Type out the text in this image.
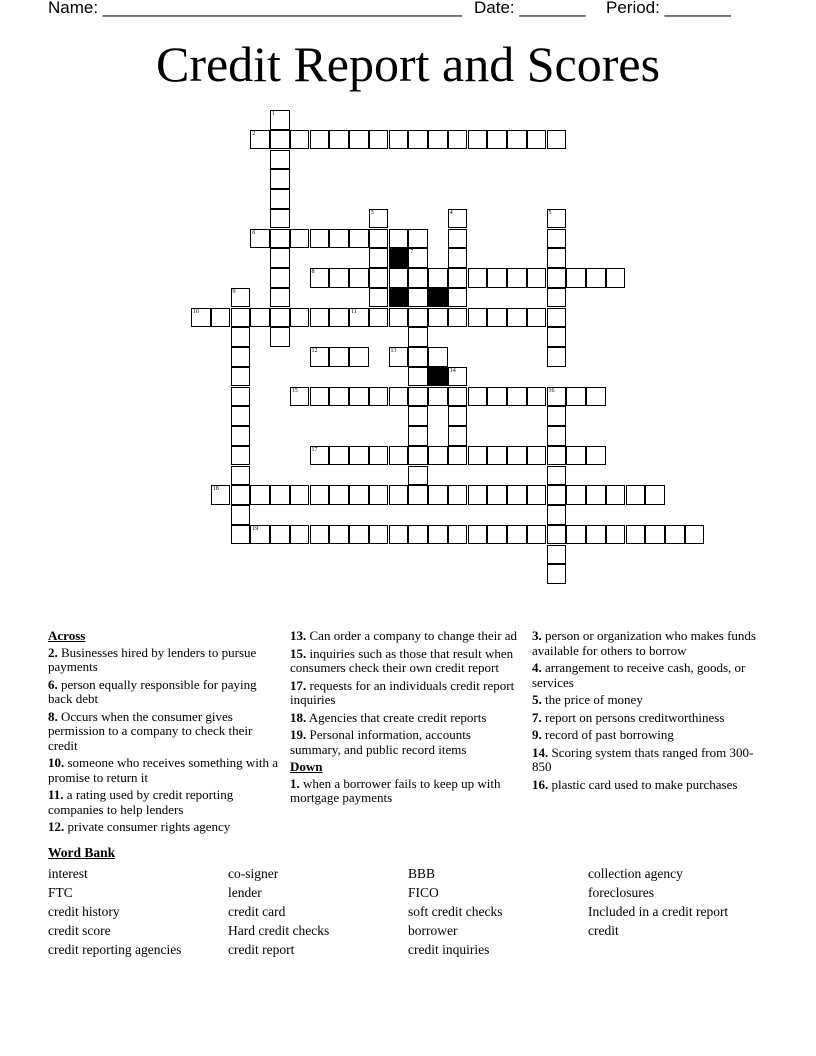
Name: ______________________________________

Date: _______

Period: _______

Credit Report and Scores
1
2
3	4	5
6
7
8
9
10	11
12	13
14
15	16
17
18
19
Across
2. Businesses hired by lenders to pursue payments
6. person equally responsible for paying back debt
8. Occurs when the consumer gives permission to a company to check their credit
10. someone who receives something with a promise to return it
11. a rating used by credit reporting companies to help lenders
12. private consumer rights agency
13. Can order a company to change their ad
15. inquiries such as those that result when consumers check their own credit report
17. requests for an individuals credit report inquiries
18. Agencies that create credit reports
19. Personal information, accounts summary, and public record items
Down
1. when a borrower fails to keep up with mortgage payments
3. person or organization who makes funds available for others to borrow
4. arrangement to receive cash, goods, or services
5. the price of money
7. report on persons creditworthiness
9. record of past borrowing
14. Scoring system thats ranged from 300-850
16. plastic card used to make purchases
Word Bank
interest
FTC
credit history
credit score
credit reporting agencies
co-signer
lender
credit card
Hard credit checks
credit report
BBB
FICO
soft credit checks
borrower
credit inquiries
collection agency
foreclosures
Included in a credit report
credit
